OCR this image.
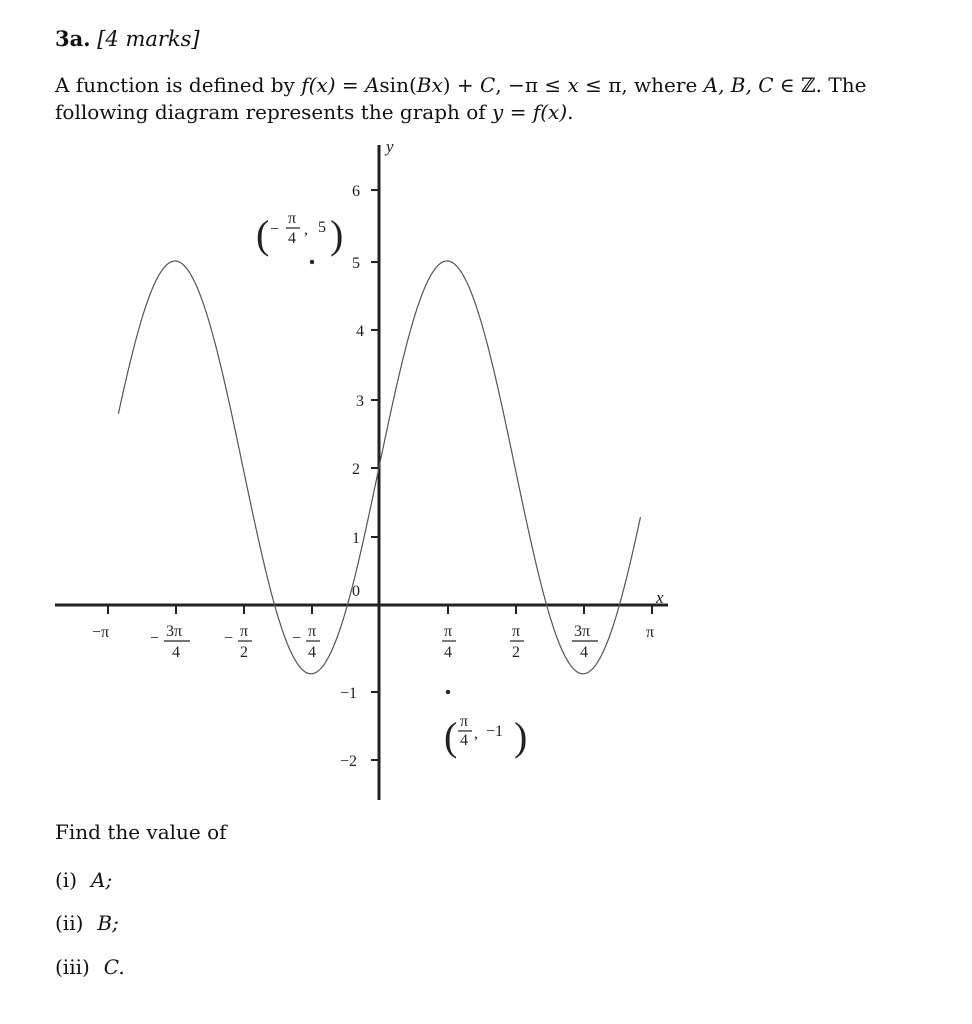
3a. [4 marks]
A function is defined by f(x) = Asin(Bx) + C, −π ≤ x ≤ π, where A, B, C ∈ ℤ. The
following diagram represents the graph of y = f(x).
y
x
6
5
4
3
2
1
0
−1
−2
−π	− 3π
4
− π
2
− π
4
π
4
π
2
3π
4
π
( −
π
4
, 5 )
( π
4 , −1 )
Find the value of
(i) A;
(ii) B;
(iii) C.
